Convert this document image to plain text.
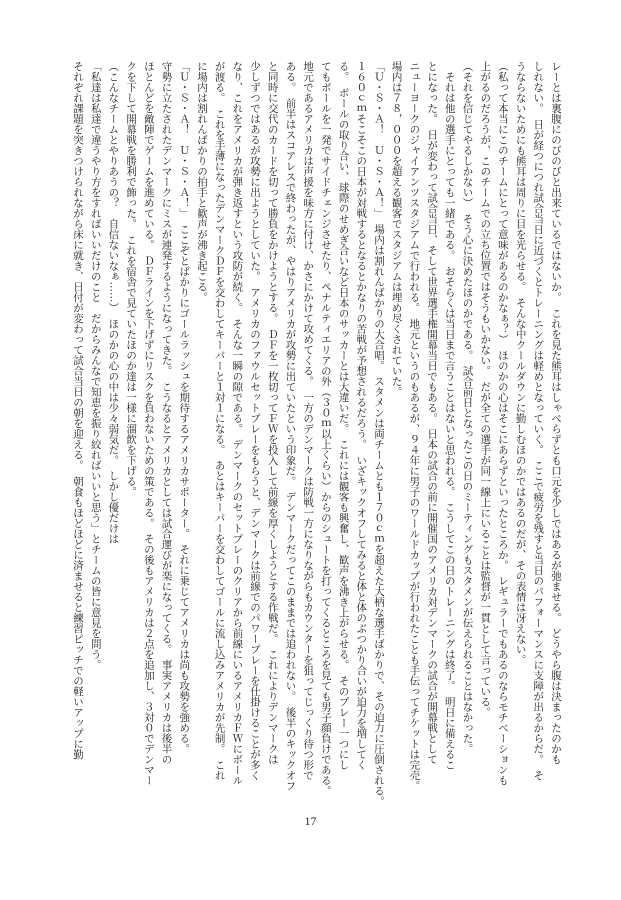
レーとは裏腹にのびのびと出来ているではないか。　これを見た熊耳はしゃべらずとも口元を少しではあるが弛ませる。　どうやら腹は決まったのかも
しれない。　日が経つにつれ試合当日に近づくとトレーニングは軽めとなっていく。　ここで疲労を残すと当日のパフォーマンスに支障が出るからだ。　そ
うならないためにも熊耳は周りに目を光らせる。　そんな中クールダウンに勤しむほのかではあるのだが、その表情は冴えない。
（私って本当にこのチームにとって意味があるのかなぁ？）　ほのかの心はそこにあらずといったところか。　レギュラーでもあるのならモチベーションも
上がるのだろうが、このチームでの立ち位置ではそうもいかない。　だが全ての選手が同一線上にいることは監督が一貫として言っている。
（それを信じてやるしかない）　そう心に決めたほのかである。　試合前日となったこの日のミーティングもスタメンが伝えられることはなかった。
　それは他の選手にとっても一緒である。　おそらくは当日まで言うことはないと思われる。　こうしてこの日のトレーニングは終了。　明日に備えるこ
とになった。　日が変わって試合当日、そして世界選手権開幕当日でもある。　日本の試合の前に開催国のアメリカ対デンマークの試合が開幕戦として
ニューヨークのジャイアンツスタジアムで行われる。　地元というのもあるが、９４年に男子のワールドカップが行われたことも手伝ってチケットは完売。
場内は７８，０００を超える観客でスタジアムは埋め尽くされていた。
「Ｕ・Ｓ・Ａ！　Ｕ・Ｓ・Ａ！」　場内は割れんばかりの大合唱。　スタメンは両チームとも１７０ｃｍを超えた大柄な選手ばかりで、その迫力に圧倒される。
１６０ｃｍそこそこの日本が対戦するとなるとかなりの苦戦が予想されるだろう。　いざキックオフしてみると体と体のぶつかり合いが迫力を増してく
る。　ボールの取り合い、球際のせめぎ合いなど日本のサッカーとは大違いだ。　これには観客も興奮し、歓声を沸き上がらせる。　そのプレー一つにし
てもボールを一発でサイドチェンジさせたり、ペナルティエリアの外（３０ｍ以上くらい）からのシュートを打ってくるところを見ても男子顔負けである。
地元であるアメリカは声援を味方に付け、かさにかけて攻めてくる。　一方のデンマークは防戦一方になりながらもカウンターを狙ってじっくり待つ形で
ある。　前半はスコアレスで終わったが、やはりアメリカが攻勢に出ていたという印象だ。　デンマークだってこのままでは追われない。　後半のキックオフ
と同時に交代のカードを切って勝負をかけようとする。　ＤＦを一枚切ってＦＷを投入して前線を厚くしようとする作戦だ。　これによりデンマークは
少しずつではあるが攻勢に出ようとしていた。　アメリカのファウルセットプレーをもらうと、デンマークは前線でのパワープレーを仕掛けることが多く
なり、これをアメリカが弾き返すという攻防が続く。　そんな一瞬の隙である。　デンマークのセットプレーのクリアから前線にいるアメリカＦＷにボール
が渡る。　これを手薄になったデンマークＤＦを交わしてキーパーと１対１になる。　あとはキーパーを交わしてゴールに流し込みアメリカが先制。　これ
に場内は割れんばかりの拍手と歓声が沸き起こる。
「Ｕ・Ｓ・Ａ！　Ｕ・Ｓ・Ａ！」　ここぞとばかりにゴールラッシュを期待するアメリカサポーター。　それに乗じてアメリカは尚も攻勢を強める。
守勢に立たされたデンマークにミスが連発するようになってきた。　こうなるとアメリカとしては試合運びが楽になってくる。　事実アメリカは後半の
ほとんどを敵陣でゲームを進めている。　ＤＦラインを下げずにリスクを負わないための策である。　その後もアメリカは２点を追加し、３対０でデンマー
クを下して開幕戦を勝利で飾った。　これを宿舎で見ていたほのか達は一様に溜飲を下げる。
（こんなチームとやりあうの？　自信ないなぁ……）　ほのかの心の中は少々弱気だ。　しかし優だけは
「私達は私達で違うやり方をすればいいだけのこと　だからみんなで知恵を振り絞ればいいと思う」とチームの皆に意見を問う。
それぞれ課題を突きつけられながら床に就き、日付が変わって試合当日の朝を迎える。　朝食もほどほどに済ませると練習ピッチでの軽いアップに勤
17
